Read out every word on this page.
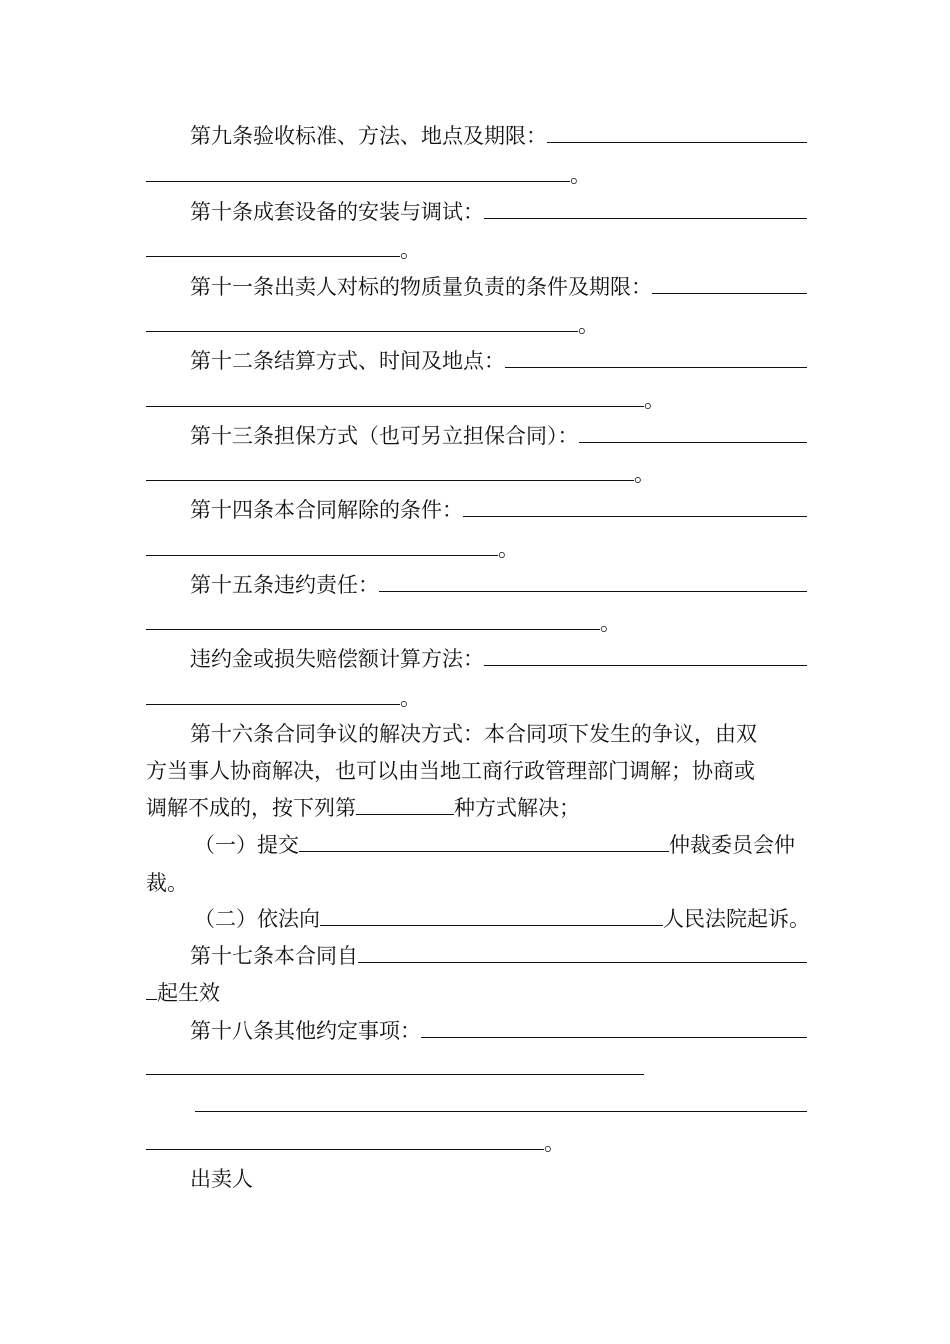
第九条验收标准、方法、地点及期限：
。
第十条成套设备的安装与调试：
。
第十一条出卖人对标的物质量负责的条件及期限：
。
第十二条结算方式、时间及地点：
。
第十三条担保方式（也可另立担保合同）：
。
第十四条本合同解除的条件：
。
第十五条违约责任：
。
违约金或损失赔偿额计算方法：
。
第十六条合同争议的解决方式：本合同项下发生的争议，由双
方当事人协商解决，也可以由当地工商行政管理部门调解；协商或
调解不成的，按下列第	种方式解决；
（一）提交	仲裁委员会仲
裁。
（二）依法向	人民法院起诉。
第十七条本合同自
起生效
第十八条其他约定事项：
。
出卖人
